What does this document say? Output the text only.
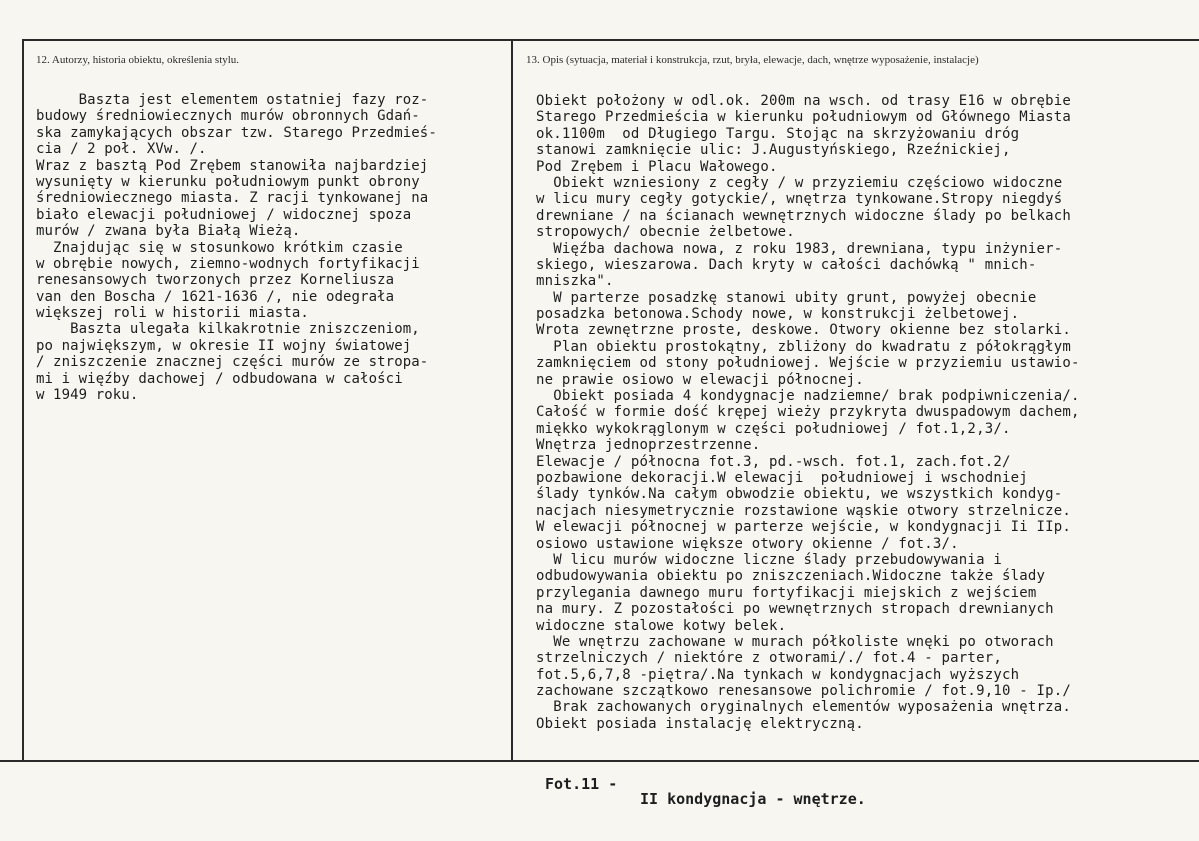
12. Autorzy, historia obiektu, określenia stylu.	13. Opis (sytuacja, materiał i konstrukcja, rzut, bryła, elewacje, dach, wnętrze wyposażenie, instalacje)
Baszta jest elementem ostatniej fazy roz-
budowy średniowiecznych murów obronnych Gdań-
ska zamykających obszar tzw. Starego Przedmieś-
cia / 2 poł. XVw. /.
Wraz z basztą Pod Zrębem stanowiła najbardziej
wysunięty w kierunku południowym punkt obrony
średniowiecznego miasta. Z racji tynkowanej na
biało elewacji południowej / widocznej spoza
murów / zwana była Białą Wieżą.
Znajdując się w stosunkowo krótkim czasie
w obrębie nowych, ziemno-wodnych fortyfikacji
renesansowych tworzonych przez Korneliusza
van den Boscha / 1621-1636 /, nie odegrała
większej roli w historii miasta.
Baszta ulegała kilkakrotnie zniszczeniom,
po największym, w okresie II wojny światowej
/ zniszczenie znacznej części murów ze stropa-
mi i więźby dachowej / odbudowana w całości
w 1949 roku.
Obiekt położony w odl.ok. 200m na wsch. od trasy E16 w obrębie
Starego Przedmieścia w kierunku południowym od Głównego Miasta
ok.1100m  od Długiego Targu. Stojąc na skrzyżowaniu dróg
stanowi zamknięcie ulic: J.Augustyńskiego, Rzeźnickiej,
Pod Zrębem i Placu Wałowego.
Obiekt wzniesiony z cegły / w przyziemiu częściowo widoczne
w licu mury cegły gotyckie/, wnętrza tynkowane.Stropy niegdyś
drewniane / na ścianach wewnętrznych widoczne ślady po belkach
stropowych/ obecnie żelbetowe.
Więźba dachowa nowa, z roku 1983, drewniana, typu inżynier-
skiego, wieszarowa. Dach kryty w całości dachówką " mnich-
mniszka".
W parterze posadzkę stanowi ubity grunt, powyżej obecnie
posadzka betonowa.Schody nowe, w konstrukcji żelbetowej.
Wrota zewnętrzne proste, deskowe. Otwory okienne bez stolarki.
Plan obiektu prostokątny, zbliżony do kwadratu z półokrągłym
zamknięciem od stony południowej. Wejście w przyziemiu ustawio-
ne prawie osiowo w elewacji północnej.
Obiekt posiada 4 kondygnacje nadziemne/ brak podpiwniczenia/.
Całość w formie dość krępej wieży przykryta dwuspadowym dachem,
miękko wykokrąglonym w części południowej / fot.1,2,3/.
Wnętrza jednoprzestrzenne.
Elewacje / północna fot.3, pd.-wsch. fot.1, zach.fot.2/
pozbawione dekoracji.W elewacji  południowej i wschodniej
ślady tynków.Na całym obwodzie obiektu, we wszystkich kondyg-
nacjach niesymetrycznie rozstawione wąskie otwory strzelnicze.
W elewacji północnej w parterze wejście, w kondygnacji Ii IIp.
osiowo ustawione większe otwory okienne / fot.3/.
W licu murów widoczne liczne ślady przebudowywania i
odbudowywania obiektu po zniszczeniach.Widoczne także ślady
przylegania dawnego muru fortyfikacji miejskich z wejściem
na mury. Z pozostałości po wewnętrznych stropach drewnianych
widoczne stalowe kotwy belek.
We wnętrzu zachowane w murach półkoliste wnęki po otworach
strzelniczych / niektóre z otworami/./ fot.4 - parter,
fot.5,6,7,8 -piętra/.Na tynkach w kondygnacjach wyższych
zachowane szczątkowo renesansowe polichromie / fot.9,10 - Ip./
Brak zachowanych oryginalnych elementów wyposażenia wnętrza.
Obiekt posiada instalację elektryczną.
Fot.11 -
II kondygnacja - wnętrze.
